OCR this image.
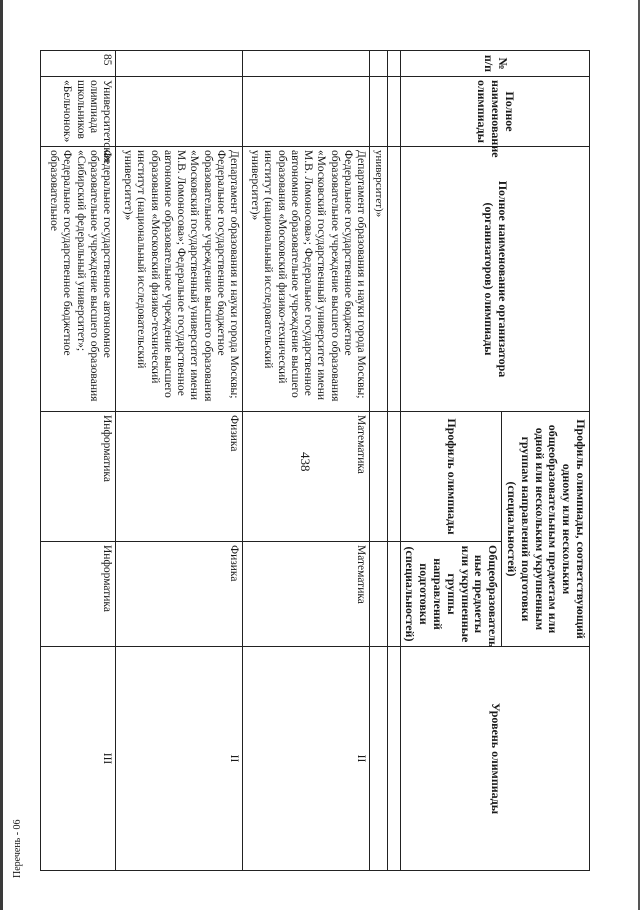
438
Перечень - 06
№ п/п	Полное наименование олимпиады	Полное наименование организатора (организаторов) олимпиады	Профиль олимпиады, соответствующий одному или нескольким общеобразовательным предметам или одной или нескольким укрупненным группам направлений подготовки (специальностей)		Уровень олимпиады
			Профиль олимпиады	Общеобразователь ные предметы или укрупненные группы направлений подготовки (специальностей)	

		университет)»			
		Департамент образования и науки города Москвы; Федеральное государственное бюджетное образовательное учреждение высшего образования «Московский государственный университет имени М.В. Ломоносова»; Федеральное государственное автономное образовательное учреждение высшего образования «Московский физико-технический институт (национальный исследовательский университет)»	Математика	Математика	II
		Департамент образования и науки города Москвы; Федеральное государственное бюджетное образовательное учреждение высшего образования «Московский государственный университет имени М.В. Ломоносова»; Федеральное государственное автономное образовательное учреждение высшего образования «Московский физико-технический институт (национальный исследовательский университет)»	Физика	Физика	II
85	Университетская олимпиада школьников «Бельчонок»	Федеральное государственное автономное образовательное учреждение высшего образования «Сибирский федеральный университет»; Федеральное государственное бюджетное образовательное	Информатика	Информатика	III
